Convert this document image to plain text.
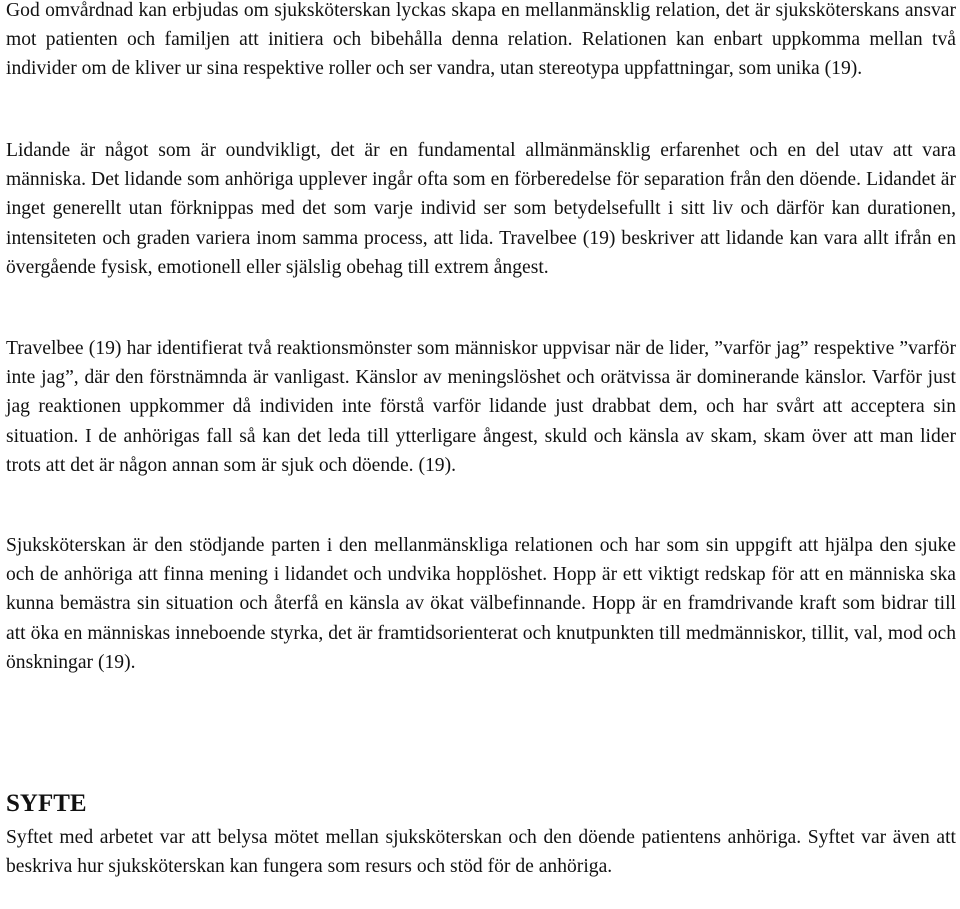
God omvårdnad kan erbjudas om sjuksköterskan lyckas skapa en mellanmänsklig relation, det är sjuksköterskans ansvar mot patienten och familjen att initiera och bibehålla denna relation. Relationen kan enbart uppkomma mellan två individer om de kliver ur sina respektive roller och ser vandra, utan stereotypa uppfattningar, som unika (19).

Lidande är något som är oundvikligt, det är en fundamental allmänmänsklig erfarenhet och en del utav att vara människa. Det lidande som anhöriga upplever ingår ofta som en förberedelse för separation från den döende. Lidandet är inget generellt utan förknippas med det som varje individ ser som betydelsefullt i sitt liv och därför kan durationen, intensiteten och graden variera inom samma process, att lida. Travelbee (19) beskriver att lidande kan vara allt ifrån en övergående fysisk, emotionell eller själslig obehag till extrem ångest.

Travelbee (19) har identifierat två reaktionsmönster som människor uppvisar när de lider, ”varför jag” respektive ”varför inte jag”, där den förstnämnda är vanligast. Känslor av meningslöshet och orätvissa är dominerande känslor. Varför just jag reaktionen uppkommer då individen inte förstå varför lidande just drabbat dem, och har svårt att acceptera sin situation. I de anhörigas fall så kan det leda till ytterligare ångest, skuld och känsla av skam, skam över att man lider trots att det är någon annan som är sjuk och döende. (19).

Sjuksköterskan är den stödjande parten i den mellanmänskliga relationen och har som sin uppgift att hjälpa den sjuke och de anhöriga att finna mening i lidandet och undvika hopplöshet. Hopp är ett viktigt redskap för att en människa ska kunna bemästra sin situation och återfå en känsla av ökat välbefinnande. Hopp är en framdrivande kraft som bidrar till att öka en människas inneboende styrka, det är framtidsorienterat och knutpunkten till medmänniskor, tillit, val, mod och önskningar (19).

SYFTE

Syftet med arbetet var att belysa mötet mellan sjuksköterskan och den döende patientens anhöriga. Syftet var även att beskriva hur sjuksköterskan kan fungera som resurs och stöd för de anhöriga.
